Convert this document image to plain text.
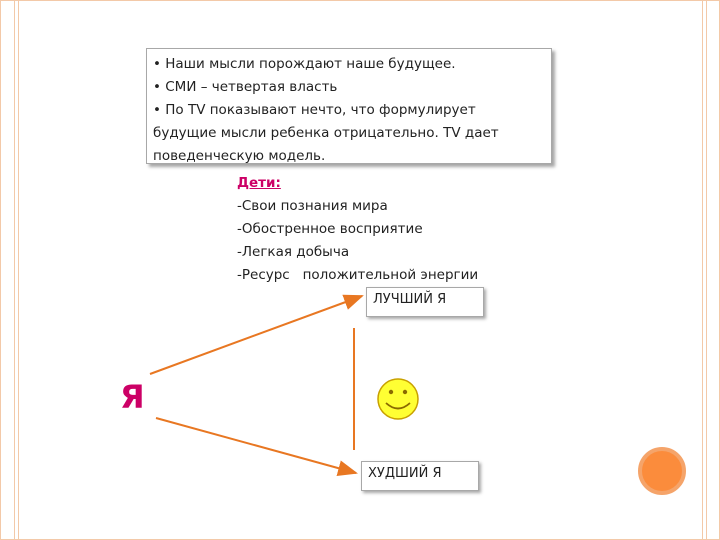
• Наши мысли порождают наше будущее.
• СМИ – четвертая власть
• По TV показывают нечто, что формулирует
будущие мысли ребенка отрицательно. TV дает
поведенческую модель.
Дети:
-Свои познания мира
-Обостренное восприятие
-Легкая добыча
-Ресурс   положительной энергии
Я
ЛУЧШИЙ Я
ХУДШИЙ Я
